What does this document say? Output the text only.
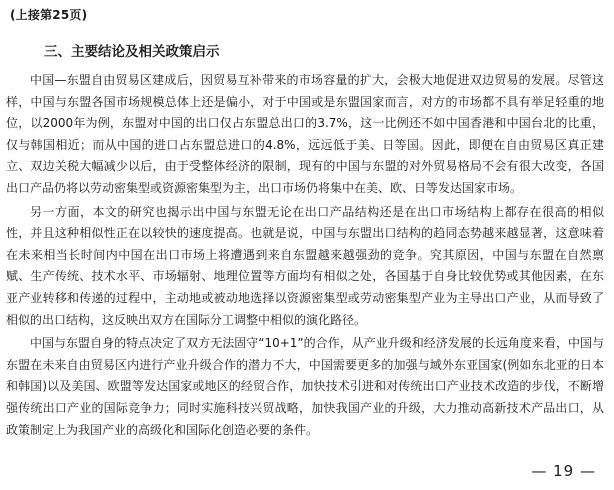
(上接第25页)
三、主要结论及相关政策启示

中国—东盟自由贸易区建成后，因贸易互补带来的市场容量的扩大，会极大地促进双边贸易的发展。尽管这样，中国与东盟各国市场规模总体上还是偏小，对于中国或是东盟国家而言，对方的市场都不具有举足轻重的地位，以2000年为例，东盟对中国的出口仅占东盟总出口的3.7%，这一比例还不如中国香港和中国台北的比重，仅与韩国相近；而从中国的进口占东盟总进口的4.8%，远远低于美、日等国。因此，即便在自由贸易区真正建立、双边关税大幅减少以后，由于受整体经济的限制，现有的中国与东盟的对外贸易格局不会有很大改变，各国出口产品仍将以劳动密集型或资源密集型为主，出口市场仍将集中在美、欧、日等发达国家市场。

另一方面，本文的研究也揭示出中国与东盟无论在出口产品结构还是在出口市场结构上都存在很高的相似性，并且这种相似性正在以较快的速度提高。也就是说，中国与东盟出口结构的趋同态势越来越显著，这意味着在未来相当长时间内中国在出口市场上将遭遇到来自东盟越来越强劲的竞争。究其原因，中国与东盟在自然禀赋、生产传统、技术水平、市场辐射、地理位置等方面均有相似之处，各国基于自身比较优势或其他因素，在东亚产业转移和传递的过程中，主动地或被动地选择以资源密集型或劳动密集型产业为主导出口产业，从而导致了相似的出口结构，这反映出双方在国际分工调整中相似的演化路径。

中国与东盟自身的特点决定了双方无法固守“10+1”的合作，从产业升级和经济发展的长远角度来看，中国与东盟在未来自由贸易区内进行产业升级合作的潜力不大，中国需要更多的加强与域外东亚国家(例如东北亚的日本和韩国)以及美国、欧盟等发达国家或地区的经贸合作，加快技术引进和对传统出口产业技术改造的步伐，不断增强传统出口产业的国际竞争力；同时实施科技兴贸战略，加快我国产业的升级，大力推动高新技术产品出口，从政策制定上为我国产业的高级化和国际化创造必要的条件。

— 19 —
